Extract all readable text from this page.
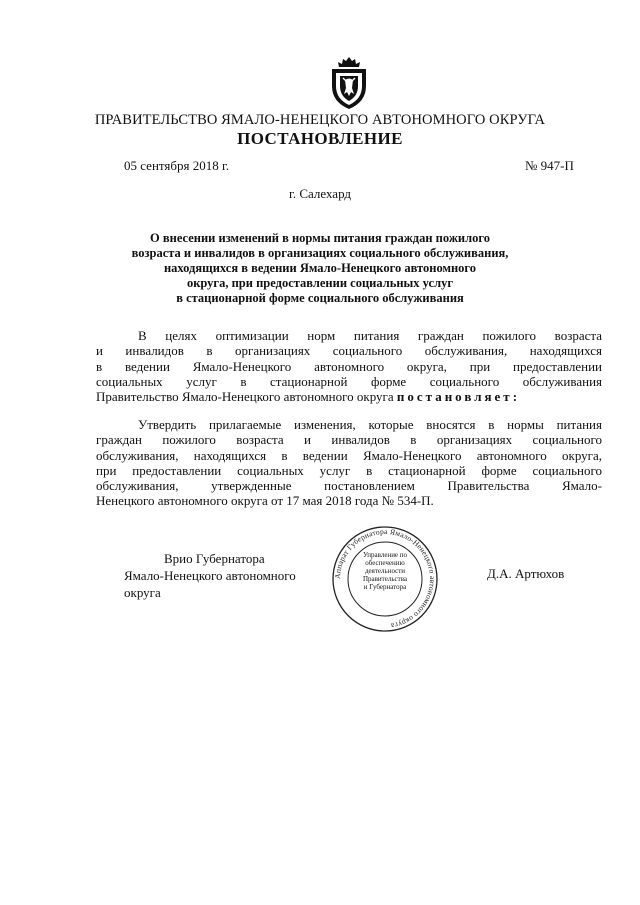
ПРАВИТЕЛЬСТВО ЯМАЛО-НЕНЕЦКОГО АВТОНОМНОГО ОКРУГА
ПОСТАНОВЛЕНИЕ
05 сентября 2018 г.	№ 947-П
г. Салехард
О внесении изменений в нормы питания граждан пожилого
возраста и инвалидов в организациях социального обслуживания,
находящихся в ведении Ямало-Ненецкого автономного
округа, при предоставлении социальных услуг
в стационарной форме социального обслуживания
В целях оптимизации норм питания граждан пожилого возраста
и инвалидов в организациях социального обслуживания, находящихся
в ведении Ямало-Ненецкого автономного округа, при предоставлении
социальных услуг в стационарной форме социального обслуживания
Правительство Ямало-Ненецкого автономного округа постановляет:
Утвердить прилагаемые изменения, которые вносятся в нормы питания
граждан пожилого возраста и инвалидов в организациях социального
обслуживания, находящихся в ведении Ямало-Ненецкого автономного округа,
при предоставлении социальных услуг в стационарной форме социального
обслуживания, утвержденные постановлением Правительства Ямало-
Ненецкого автономного округа от 17 мая 2018 года № 534-П.
Врио Губернатора
Ямало-Ненецкого автономного округа
Аппарат Губернатора Ямало-Ненецкого автономного округа
Управление по
обеспечению
деятельности
Правительства
и Губернатора
Д.А. Артюхов
